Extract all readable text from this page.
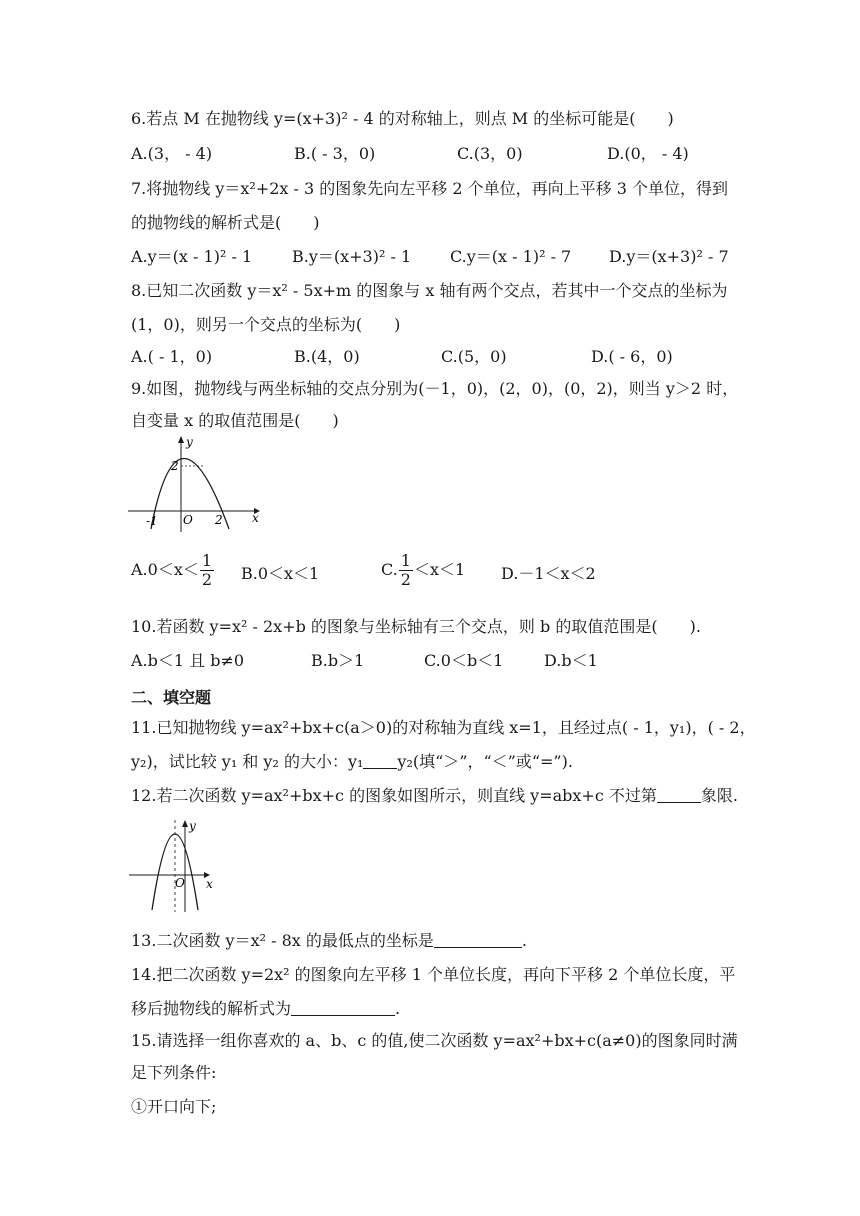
6.若点 M 在抛物线 y=(x+3)² - 4 的对称轴上，则点 M 的坐标可能是(　　)
A.(3， - 4)	B.( - 3，0)	C.(3，0)	D.(0， - 4)
7.将抛物线 y＝x²+2x - 3 的图象先向左平移 2 个单位，再向上平移 3 个单位，得到
的抛物线的解析式是(　　)
A.y＝(x - 1)² - 1 B.y＝(x+3)² - 1 C.y＝(x - 1)² - 7 D.y＝(x+3)² - 7
8.已知二次函数 y＝x² - 5x+m 的图象与 x 轴有两个交点，若其中一个交点的坐标为
(1，0)，则另一个交点的坐标为(　　)
A.( - 1，0)	B.(4，0)	C.(5，0)	D.( - 6，0)
9.如图，抛物线与两坐标轴的交点分别为(－1，0)，(2，0)，(0，2)，则当 y＞2 时，
自变量 x 的取值范围是(　　)
y
x
O
2
-1	2
$A.0<x< \frac{1}{2} B.0<x<1$	C. $\frac{1}{2} <x<1$ D.－1＜x＜2
10.若函数 y=x² - 2x+b 的图象与坐标轴有三个交点，则 b 的取值范围是(　　).
A.b＜1 且 b≠0	B.b＞1	C.0＜b＜1	D.b＜1
二、填空题
11.已知抛物线 y=ax²+bx+c(a＞0)的对称轴为直线 x=1，且经过点( - 1，y₁)，( - 2，
y₂)，试比较 y₁ 和 y₂ 的大小：y₁ y₂(填“＞”，“＜”或“=”).
12.若二次函数 y=ax²+bx+c 的图象如图所示，则直线 y=abx+c 不过第	象限.
y
x
O
13.二次函数 y＝x² - 8x 的最低点的坐标是	.
14.把二次函数 y=2x² 的图象向左平移 1 个单位长度，再向下平移 2 个单位长度，平
移后抛物线的解析式为	.
15.请选择一组你喜欢的 a、b、c 的值,使二次函数 y=ax²+bx+c(a≠0)的图象同时满
足下列条件:
①开口向下;
